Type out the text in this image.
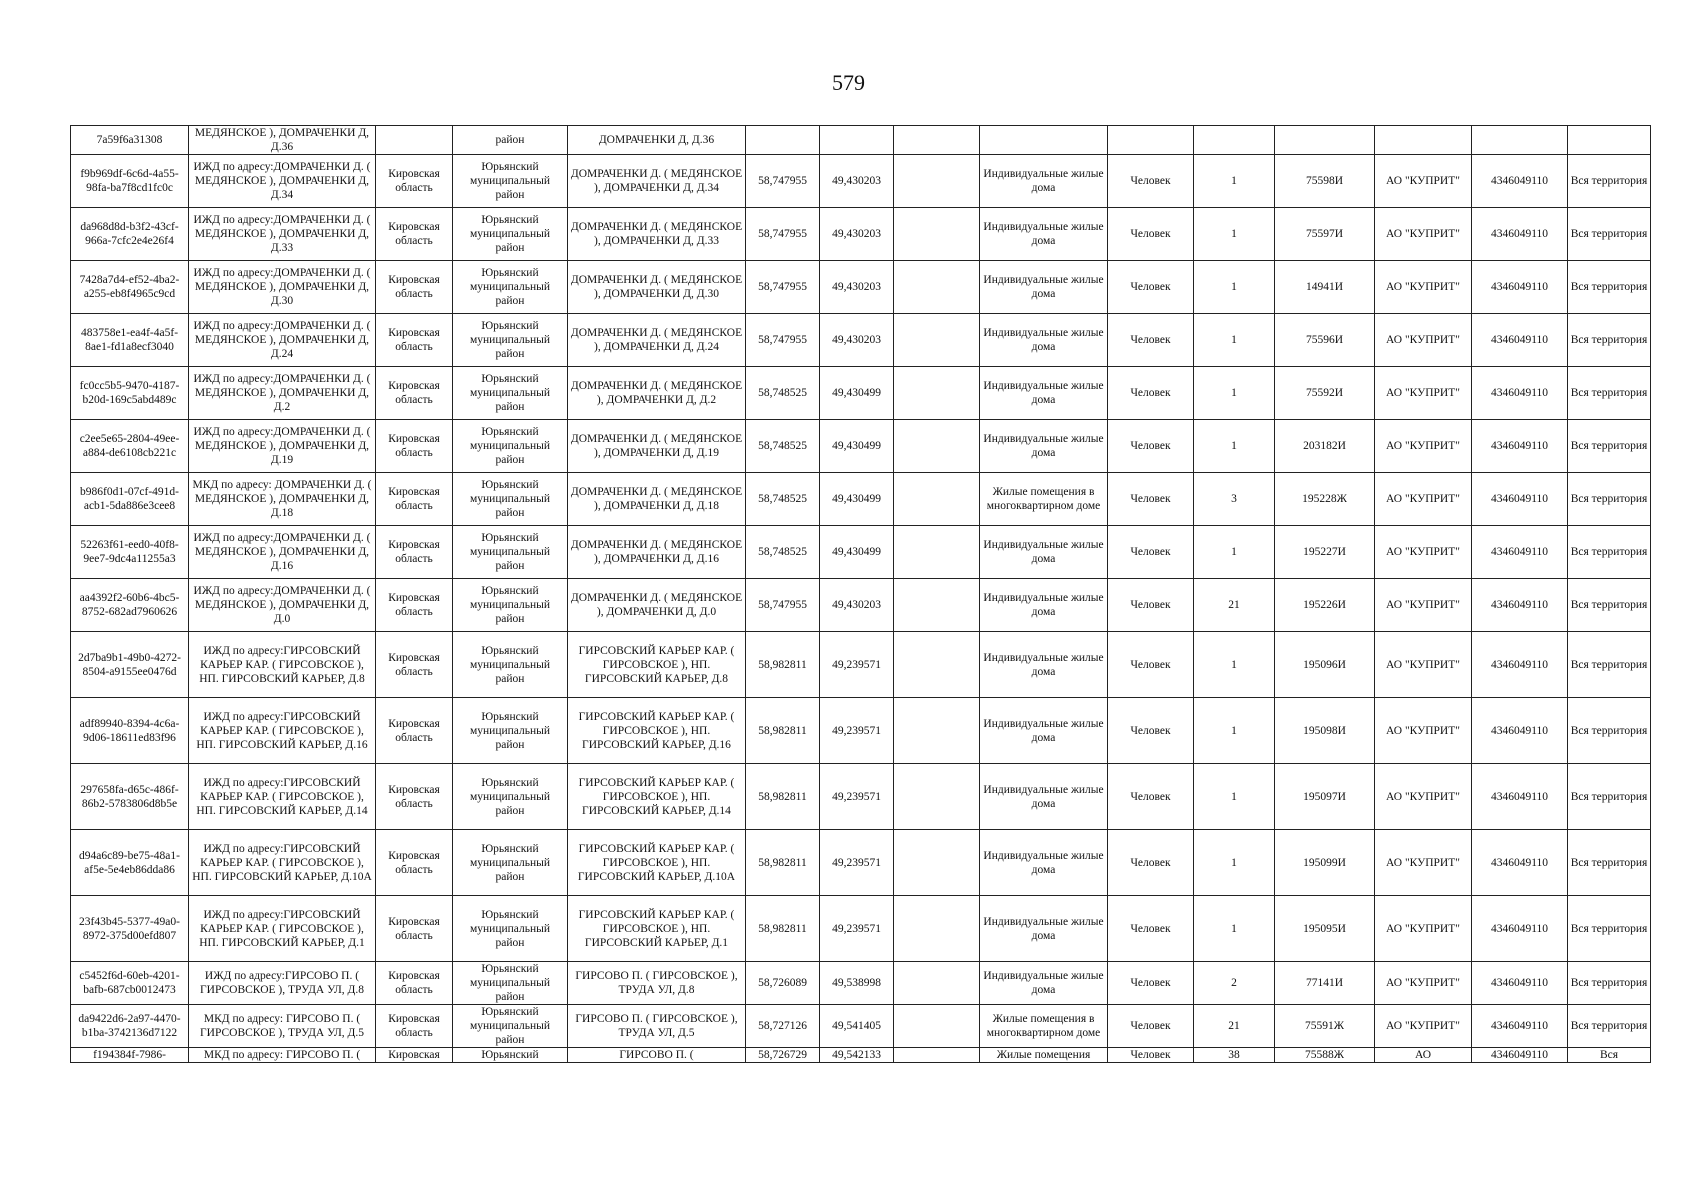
579
7a59f6a31308	МЕДЯНСКОЕ ), ДОМРАЧЕНКИ Д, Д.36		район	ДОМРАЧЕНКИ Д, Д.36										
f9b969df-6c6d-4a55-98fa-ba7f8cd1fc0c	ИЖД по адресу:ДОМРАЧЕНКИ Д. ( МЕДЯНСКОЕ ), ДОМРАЧЕНКИ Д, Д.34	Кировская область	Юрьянский муниципальный район	ДОМРАЧЕНКИ Д. ( МЕДЯНСКОЕ ), ДОМРАЧЕНКИ Д, Д.34	58,747955	49,430203		Индивидуальные жилые дома	Человек	1	75598И	АО "КУПРИТ"	4346049110	Вся территория
da968d8d-b3f2-43cf-966a-7cfc2e4e26f4	ИЖД по адресу:ДОМРАЧЕНКИ Д. ( МЕДЯНСКОЕ ), ДОМРАЧЕНКИ Д, Д.33	Кировская область	Юрьянский муниципальный район	ДОМРАЧЕНКИ Д. ( МЕДЯНСКОЕ ), ДОМРАЧЕНКИ Д, Д.33	58,747955	49,430203		Индивидуальные жилые дома	Человек	1	75597И	АО "КУПРИТ"	4346049110	Вся территория
7428a7d4-ef52-4ba2-a255-eb8f4965c9cd	ИЖД по адресу:ДОМРАЧЕНКИ Д. ( МЕДЯНСКОЕ ), ДОМРАЧЕНКИ Д, Д.30	Кировская область	Юрьянский муниципальный район	ДОМРАЧЕНКИ Д. ( МЕДЯНСКОЕ ), ДОМРАЧЕНКИ Д, Д.30	58,747955	49,430203		Индивидуальные жилые дома	Человек	1	14941И	АО "КУПРИТ"	4346049110	Вся территория
483758e1-ea4f-4a5f-8ae1-fd1a8ecf3040	ИЖД по адресу:ДОМРАЧЕНКИ Д. ( МЕДЯНСКОЕ ), ДОМРАЧЕНКИ Д, Д.24	Кировская область	Юрьянский муниципальный район	ДОМРАЧЕНКИ Д. ( МЕДЯНСКОЕ ), ДОМРАЧЕНКИ Д, Д.24	58,747955	49,430203		Индивидуальные жилые дома	Человек	1	75596И	АО "КУПРИТ"	4346049110	Вся территория
fc0cc5b5-9470-4187-b20d-169c5abd489c	ИЖД по адресу:ДОМРАЧЕНКИ Д. ( МЕДЯНСКОЕ ), ДОМРАЧЕНКИ Д, Д.2	Кировская область	Юрьянский муниципальный район	ДОМРАЧЕНКИ Д. ( МЕДЯНСКОЕ ), ДОМРАЧЕНКИ Д, Д.2	58,748525	49,430499		Индивидуальные жилые дома	Человек	1	75592И	АО "КУПРИТ"	4346049110	Вся территория
c2ee5e65-2804-49ee-a884-de6108cb221c	ИЖД по адресу:ДОМРАЧЕНКИ Д. ( МЕДЯНСКОЕ ), ДОМРАЧЕНКИ Д, Д.19	Кировская область	Юрьянский муниципальный район	ДОМРАЧЕНКИ Д. ( МЕДЯНСКОЕ ), ДОМРАЧЕНКИ Д, Д.19	58,748525	49,430499		Индивидуальные жилые дома	Человек	1	203182И	АО "КУПРИТ"	4346049110	Вся территория
b986f0d1-07cf-491d-acb1-5da886e3cee8	МКД по адресу: ДОМРАЧЕНКИ Д. ( МЕДЯНСКОЕ ), ДОМРАЧЕНКИ Д, Д.18	Кировская область	Юрьянский муниципальный район	ДОМРАЧЕНКИ Д. ( МЕДЯНСКОЕ ), ДОМРАЧЕНКИ Д, Д.18	58,748525	49,430499		Жилые помещения в многоквартирном доме	Человек	3	195228Ж	АО "КУПРИТ"	4346049110	Вся территория
52263f61-eed0-40f8-9ee7-9dc4a11255a3	ИЖД по адресу:ДОМРАЧЕНКИ Д. ( МЕДЯНСКОЕ ), ДОМРАЧЕНКИ Д, Д.16	Кировская область	Юрьянский муниципальный район	ДОМРАЧЕНКИ Д. ( МЕДЯНСКОЕ ), ДОМРАЧЕНКИ Д, Д.16	58,748525	49,430499		Индивидуальные жилые дома	Человек	1	195227И	АО "КУПРИТ"	4346049110	Вся территория
aa4392f2-60b6-4bc5-8752-682ad7960626	ИЖД по адресу:ДОМРАЧЕНКИ Д. ( МЕДЯНСКОЕ ), ДОМРАЧЕНКИ Д, Д.0	Кировская область	Юрьянский муниципальный район	ДОМРАЧЕНКИ Д. ( МЕДЯНСКОЕ ), ДОМРАЧЕНКИ Д, Д.0	58,747955	49,430203		Индивидуальные жилые дома	Человек	21	195226И	АО "КУПРИТ"	4346049110	Вся территория
2d7ba9b1-49b0-4272-8504-a9155ee0476d	ИЖД по адресу:ГИРСОВСКИЙ КАРЬЕР КАР. ( ГИРСОВСКОЕ ), НП. ГИРСОВСКИЙ КАРЬЕР, Д.8	Кировская область	Юрьянский муниципальный район	ГИРСОВСКИЙ КАРЬЕР КАР. ( ГИРСОВСКОЕ ), НП. ГИРСОВСКИЙ КАРЬЕР, Д.8	58,982811	49,239571		Индивидуальные жилые дома	Человек	1	195096И	АО "КУПРИТ"	4346049110	Вся территория
adf89940-8394-4c6a-9d06-18611ed83f96	ИЖД по адресу:ГИРСОВСКИЙ КАРЬЕР КАР. ( ГИРСОВСКОЕ ), НП. ГИРСОВСКИЙ КАРЬЕР, Д.16	Кировская область	Юрьянский муниципальный район	ГИРСОВСКИЙ КАРЬЕР КАР. ( ГИРСОВСКОЕ ), НП. ГИРСОВСКИЙ КАРЬЕР, Д.16	58,982811	49,239571		Индивидуальные жилые дома	Человек	1	195098И	АО "КУПРИТ"	4346049110	Вся территория
297658fa-d65c-486f-86b2-5783806d8b5e	ИЖД по адресу:ГИРСОВСКИЙ КАРЬЕР КАР. ( ГИРСОВСКОЕ ), НП. ГИРСОВСКИЙ КАРЬЕР, Д.14	Кировская область	Юрьянский муниципальный район	ГИРСОВСКИЙ КАРЬЕР КАР. ( ГИРСОВСКОЕ ), НП. ГИРСОВСКИЙ КАРЬЕР, Д.14	58,982811	49,239571		Индивидуальные жилые дома	Человек	1	195097И	АО "КУПРИТ"	4346049110	Вся территория
d94a6c89-be75-48a1-af5e-5e4eb86dda86	ИЖД по адресу:ГИРСОВСКИЙ КАРЬЕР КАР. ( ГИРСОВСКОЕ ), НП. ГИРСОВСКИЙ КАРЬЕР, Д.10А	Кировская область	Юрьянский муниципальный район	ГИРСОВСКИЙ КАРЬЕР КАР. ( ГИРСОВСКОЕ ), НП. ГИРСОВСКИЙ КАРЬЕР, Д.10А	58,982811	49,239571		Индивидуальные жилые дома	Человек	1	195099И	АО "КУПРИТ"	4346049110	Вся территория
23f43b45-5377-49a0-8972-375d00efd807	ИЖД по адресу:ГИРСОВСКИЙ КАРЬЕР КАР. ( ГИРСОВСКОЕ ), НП. ГИРСОВСКИЙ КАРЬЕР, Д.1	Кировская область	Юрьянский муниципальный район	ГИРСОВСКИЙ КАРЬЕР КАР. ( ГИРСОВСКОЕ ), НП. ГИРСОВСКИЙ КАРЬЕР, Д.1	58,982811	49,239571		Индивидуальные жилые дома	Человек	1	195095И	АО "КУПРИТ"	4346049110	Вся территория
c5452f6d-60eb-4201-bafb-687cb0012473	ИЖД по адресу:ГИРСОВО П. ( ГИРСОВСКОЕ ), ТРУДА УЛ, Д.8	Кировская область	Юрьянский муниципальный район	ГИРСОВО П. ( ГИРСОВСКОЕ ), ТРУДА УЛ, Д.8	58,726089	49,538998		Индивидуальные жилые дома	Человек	2	77141И	АО "КУПРИТ"	4346049110	Вся территория
da9422d6-2a97-4470-b1ba-3742136d7122	МКД по адресу: ГИРСОВО П. ( ГИРСОВСКОЕ ), ТРУДА УЛ, Д.5	Кировская область	Юрьянский муниципальный район	ГИРСОВО П. ( ГИРСОВСКОЕ ), ТРУДА УЛ, Д.5	58,727126	49,541405		Жилые помещения в многоквартирном доме	Человек	21	75591Ж	АО "КУПРИТ"	4346049110	Вся территория
f194384f-7986-	МКД по адресу: ГИРСОВО П. (	Кировская	Юрьянский	ГИРСОВО П. (	58,726729	49,542133		Жилые помещения	Человек	38	75588Ж	АО	4346049110	Вся
